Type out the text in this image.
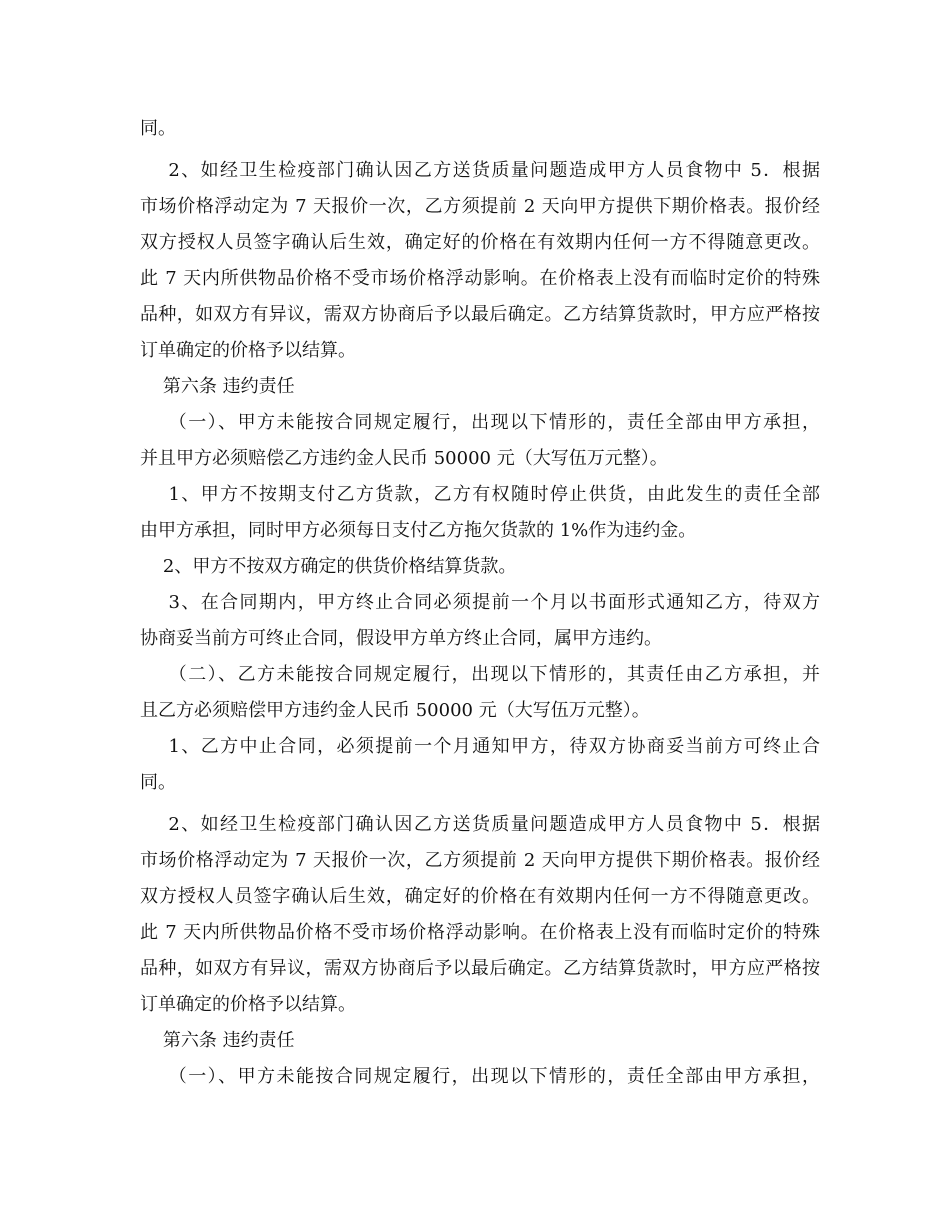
同。
2、如经卫生检疫部门确认因乙方送货质量问题造成甲方人员食物中 5．根据
市场价格浮动定为 7 天报价一次，乙方须提前 2 天向甲方提供下期价格表。报价经
双方授权人员签字确认后生效，确定好的价格在有效期内任何一方不得随意更改。
此 7 天内所供物品价格不受市场价格浮动影响。在价格表上没有而临时定价的特殊
品种，如双方有异议，需双方协商后予以最后确定。乙方结算货款时，甲方应严格按
订单确定的价格予以结算。
第六条 违约责任
（一）、甲方未能按合同规定履行，出现以下情形的，责任全部由甲方承担，
并且甲方必须赔偿乙方违约金人民币 50000 元（大写伍万元整）。
1、甲方不按期支付乙方货款，乙方有权随时停止供货，由此发生的责任全部
由甲方承担，同时甲方必须每日支付乙方拖欠货款的 1%作为违约金。
2、甲方不按双方确定的供货价格结算货款。
3、在合同期内，甲方终止合同必须提前一个月以书面形式通知乙方，待双方
协商妥当前方可终止合同，假设甲方单方终止合同，属甲方违约。
（二）、乙方未能按合同规定履行，出现以下情形的，其责任由乙方承担，并
且乙方必须赔偿甲方违约金人民币 50000 元（大写伍万元整）。
1、乙方中止合同，必须提前一个月通知甲方，待双方协商妥当前方可终止合
同。
2、如经卫生检疫部门确认因乙方送货质量问题造成甲方人员食物中 5．根据
市场价格浮动定为 7 天报价一次，乙方须提前 2 天向甲方提供下期价格表。报价经
双方授权人员签字确认后生效，确定好的价格在有效期内任何一方不得随意更改。
此 7 天内所供物品价格不受市场价格浮动影响。在价格表上没有而临时定价的特殊
品种，如双方有异议，需双方协商后予以最后确定。乙方结算货款时，甲方应严格按
订单确定的价格予以结算。
第六条 违约责任
（一）、甲方未能按合同规定履行，出现以下情形的，责任全部由甲方承担，
